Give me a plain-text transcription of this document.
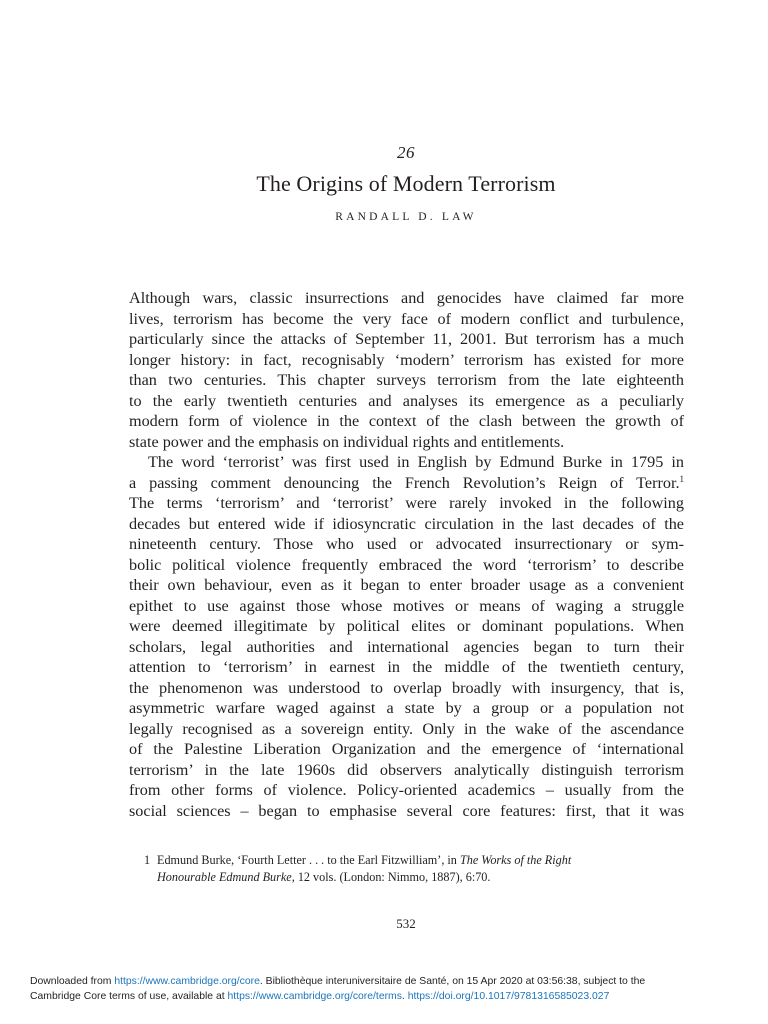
26
The Origins of Modern Terrorism
RANDALL D. LAW
Although wars, classic insurrections and genocides have claimed far more
lives, terrorism has become the very face of modern conflict and turbulence,
particularly since the attacks of September 11, 2001. But terrorism has a much
longer history: in fact, recognisably ‘modern’ terrorism has existed for more
than two centuries. This chapter surveys terrorism from the late eighteenth
to the early twentieth centuries and analyses its emergence as a peculiarly
modern form of violence in the context of the clash between the growth of
state power and the emphasis on individual rights and entitlements.
The word ‘terrorist’ was first used in English by Edmund Burke in 1795 in
a passing comment denouncing the French Revolution’s Reign of Terror.$^1$
The terms ‘terrorism’ and ‘terrorist’ were rarely invoked in the following
decades but entered wide if idiosyncratic circulation in the last decades of the
nineteenth century. Those who used or advocated insurrectionary or sym-
bolic political violence frequently embraced the word ‘terrorism’ to describe
their own behaviour, even as it began to enter broader usage as a convenient
epithet to use against those whose motives or means of waging a struggle
were deemed illegitimate by political elites or dominant populations. When
scholars, legal authorities and international agencies began to turn their
attention to ‘terrorism’ in earnest in the middle of the twentieth century,
the phenomenon was understood to overlap broadly with insurgency, that is,
asymmetric warfare waged against a state by a group or a population not
legally recognised as a sovereign entity. Only in the wake of the ascendance
of the Palestine Liberation Organization and the emergence of ‘international
terrorism’ in the late 1960s did observers analytically distinguish terrorism
from other forms of violence. Policy-oriented academics – usually from the
social sciences – began to emphasise several core features: first, that it was
1 Edmund Burke, ‘Fourth Letter . . . to the Earl Fitzwilliam’, in The Works of the Right
Honourable Edmund Burke, 12 vols. (London: Nimmo, 1887), 6:70.
532
Downloaded from https://www.cambridge.org/core. Bibliothèque interuniversitaire de Santé, on 15 Apr 2020 at 03:56:38, subject to the
Cambridge Core terms of use, available at https://www.cambridge.org/core/terms. https://doi.org/10.1017/9781316585023.027
